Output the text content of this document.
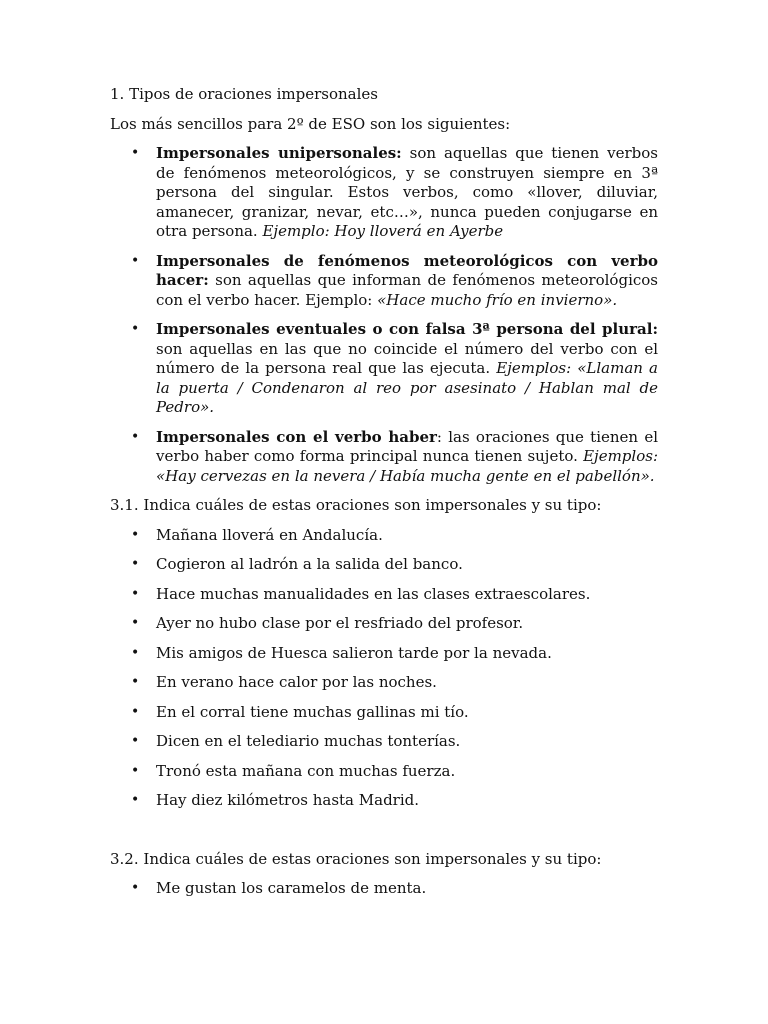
1. Tipos de oraciones impersonales

Los más sencillos para 2º de ESO son los siguientes:

• Impersonales unipersonales: son aquellas que tienen verbos de fenómenos meteorológicos, y se construyen siempre en 3ª persona del singular. Estos verbos, como «llover, diluviar, amanecer, granizar, nevar, etc…», nunca pueden conjugarse en otra persona. Ejemplo: Hoy lloverá en Ayerbe
• Impersonales de fenómenos meteorológicos con verbo hacer: son aquellas que informan de fenómenos meteorológicos con el verbo hacer. Ejemplo: «Hace mucho frío en invierno».
• Impersonales eventuales o con falsa 3ª persona del plural: son aquellas en las que no coincide el número del verbo con el número de la persona real que las ejecuta. Ejemplos: «Llaman a la puerta / Condenaron al reo por asesinato / Hablan mal de Pedro».
• Impersonales con el verbo haber: las oraciones que tienen el verbo haber como forma principal nunca tienen sujeto. Ejemplos: «Hay cervezas en la nevera / Había mucha gente en el pabellón».

3.1. Indica cuáles de estas oraciones son impersonales y su tipo:

• Mañana lloverá en Andalucía.
• Cogieron al ladrón a la salida del banco.
• Hace muchas manualidades en las clases extraescolares.
• Ayer no hubo clase por el resfriado del profesor.
• Mis amigos de Huesca salieron tarde por la nevada.
• En verano hace calor por las noches.
• En el corral tiene muchas gallinas mi tío.
• Dicen en el telediario muchas tonterías.
• Tronó esta mañana con muchas fuerza.
• Hay diez kilómetros hasta Madrid.

3.2. Indica cuáles de estas oraciones son impersonales y su tipo:

• Me gustan los caramelos de menta.
